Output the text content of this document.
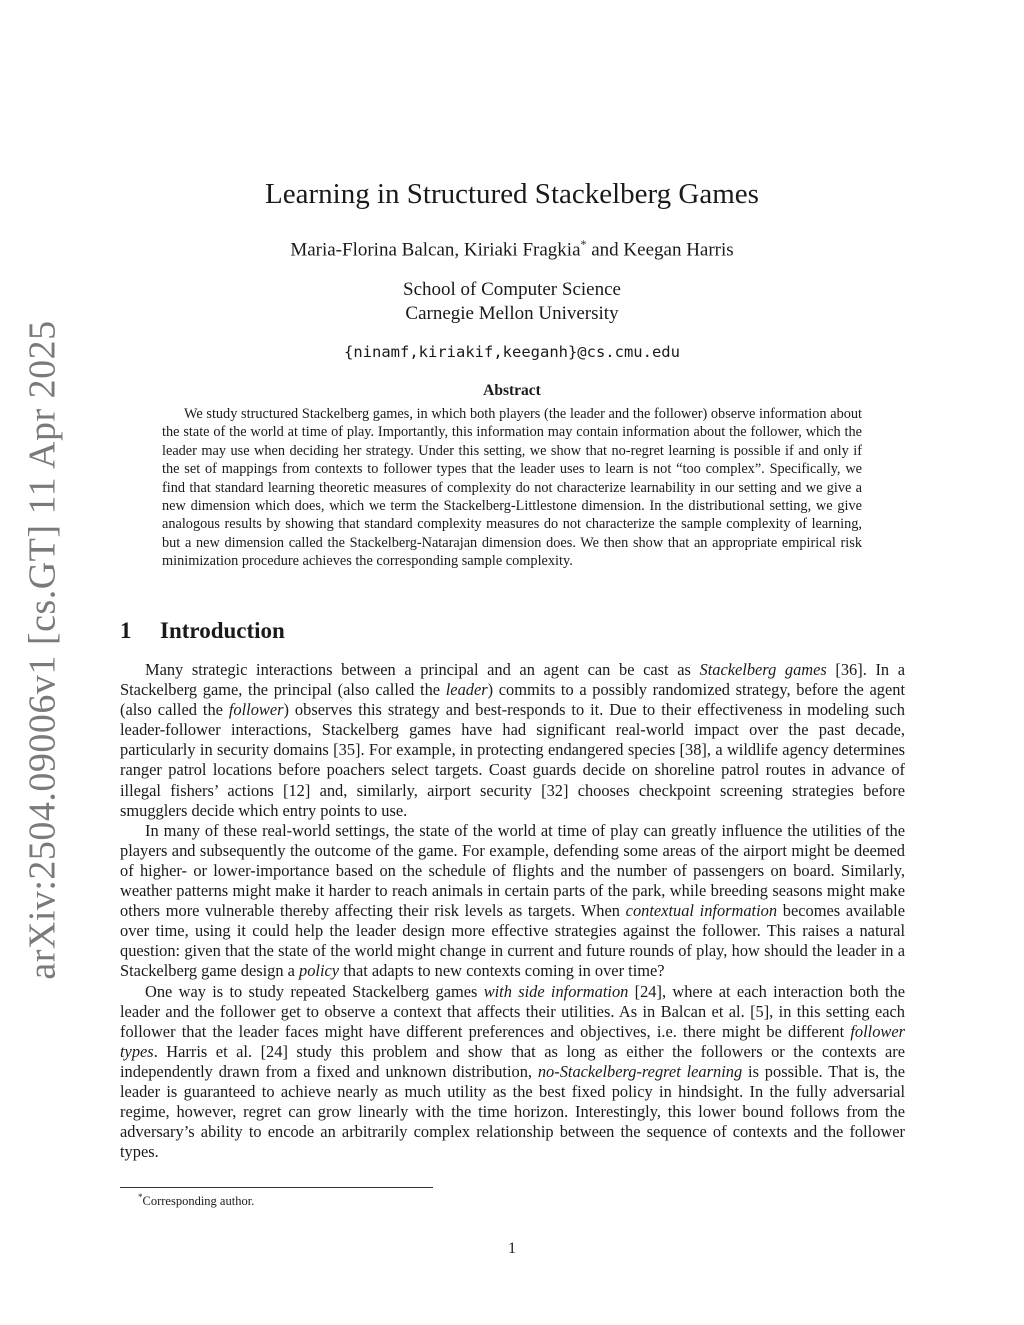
arXiv:2504.09006v1 [cs.GT] 11 Apr 2025
Learning in Structured Stackelberg Games
Maria-Florina Balcan, Kiriaki Fragkia* and Keegan Harris
School of Computer Science
Carnegie Mellon University
{ninamf,kiriakif,keeganh}@cs.cmu.edu
Abstract

We study structured Stackelberg games, in which both players (the leader and the follower) observe information about the state of the world at time of play. Importantly, this information may contain information about the follower, which the leader may use when deciding her strategy. Under this setting, we show that no-regret learning is possible if and only if the set of mappings from contexts to follower types that the leader uses to learn is not “too complex”. Specifically, we find that standard learning theoretic measures of complexity do not characterize learnability in our setting and we give a new dimension which does, which we term the Stackelberg-Littlestone dimension. In the distributional setting, we give analogous results by showing that standard complexity measures do not characterize the sample complexity of learning, but a new dimension called the Stackelberg-Natarajan dimension does. We then show that an appropriate empirical risk minimization procedure achieves the corresponding sample complexity.

1 Introduction

Many strategic interactions between a principal and an agent can be cast as Stackelberg games [36]. In a Stackelberg game, the principal (also called the leader) commits to a possibly randomized strategy, before the agent (also called the follower) observes this strategy and best-responds to it. Due to their effectiveness in modeling such leader-follower interactions, Stackelberg games have had significant real-world impact over the past decade, particularly in security domains [35]. For example, in protecting endangered species [38], a wildlife agency determines ranger patrol locations before poachers select targets. Coast guards decide on shoreline patrol routes in advance of illegal fishers’ actions [12] and, similarly, airport security [32] chooses checkpoint screening strategies before smugglers decide which entry points to use.

In many of these real-world settings, the state of the world at time of play can greatly influence the utilities of the players and subsequently the outcome of the game. For example, defending some areas of the airport might be deemed of higher- or lower-importance based on the schedule of flights and the number of passengers on board. Similarly, weather patterns might make it harder to reach animals in certain parts of the park, while breeding seasons might make others more vulnerable thereby affecting their risk levels as targets. When contextual information becomes available over time, using it could help the leader design more effective strategies against the follower. This raises a natural question: given that the state of the world might change in current and future rounds of play, how should the leader in a Stackelberg game design a policy that adapts to new contexts coming in over time?

One way is to study repeated Stackelberg games with side information [24], where at each interaction both the leader and the follower get to observe a context that affects their utilities. As in Balcan et al. [5], in this setting each follower that the leader faces might have different preferences and objectives, i.e. there might be different follower types. Harris et al. [24] study this problem and show that as long as either the followers or the contexts are independently drawn from a fixed and unknown distribution, no-Stackelberg-regret learning is possible. That is, the leader is guaranteed to achieve nearly as much utility as the best fixed policy in hindsight. In the fully adversarial regime, however, regret can grow linearly with the time horizon. Interestingly, this lower bound follows from the adversary’s ability to encode an arbitrarily complex relationship between the sequence of contexts and the follower types.

*Corresponding author.
1
